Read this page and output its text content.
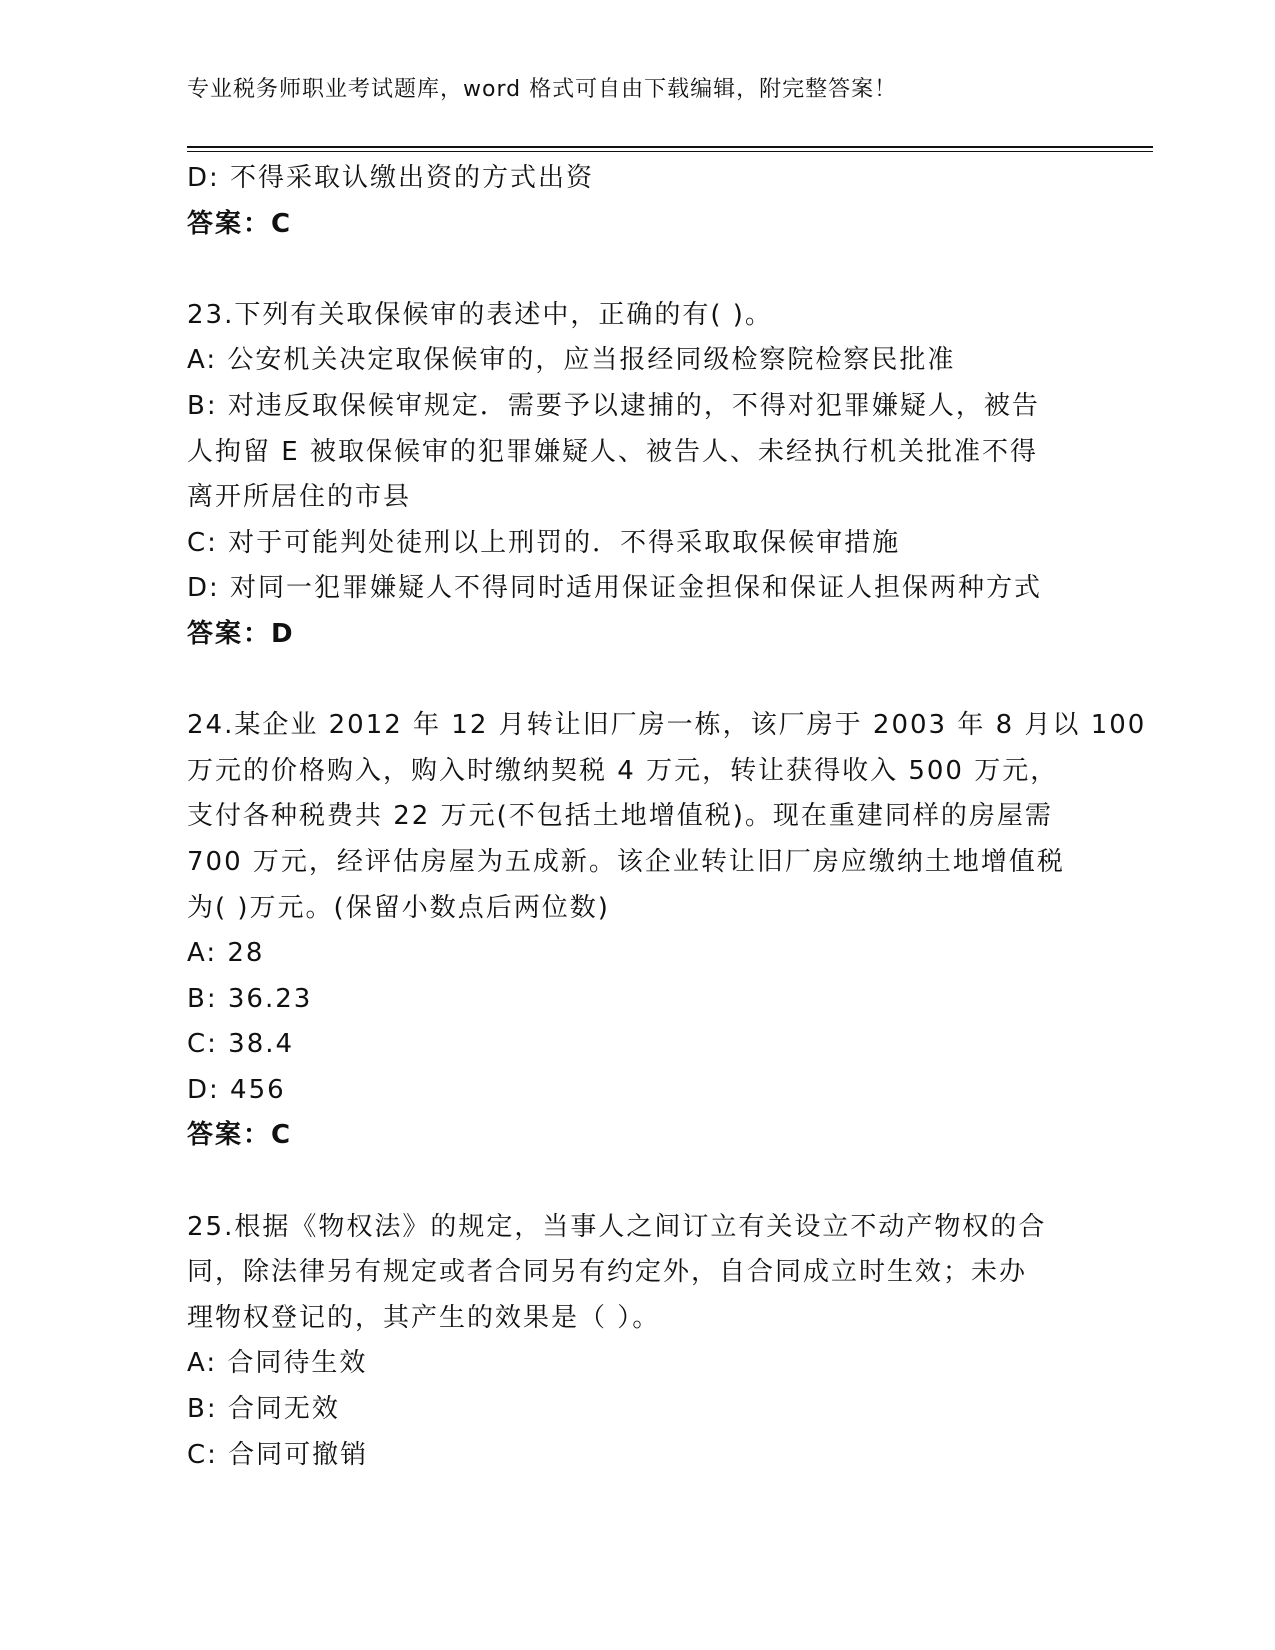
专业税务师职业考试题库，word 格式可自由下载编辑，附完整答案！
D: 不得采取认缴出资的方式出资
答案：C
23.下列有关取保候审的表述中，正确的有( )。
A: 公安机关决定取保候审的，应当报经同级检察院检察民批准
B: 对违反取保候审规定．需要予以逮捕的，不得对犯罪嫌疑人，被告
人拘留 E 被取保候审的犯罪嫌疑人、被告人、未经执行机关批准不得
离开所居住的市县
C: 对于可能判处徒刑以上刑罚的．不得采取取保候审措施
D: 对同一犯罪嫌疑人不得同时适用保证金担保和保证人担保两种方式
答案：D
24.某企业 2012 年 12 月转让旧厂房一栋，该厂房于 2003 年 8 月以 100
万元的价格购入，购入时缴纳契税 4 万元，转让获得收入 500 万元，
支付各种税费共 22 万元(不包括土地增值税)。现在重建同样的房屋需
700 万元，经评估房屋为五成新。该企业转让旧厂房应缴纳土地增值税
为( )万元。(保留小数点后两位数)
A: 28
B: 36.23
C: 38.4
D: 456
答案：C
25.根据《物权法》的规定，当事人之间订立有关设立不动产物权的合
同，除法律另有规定或者合同另有约定外，自合同成立时生效；未办
理物权登记的，其产生的效果是（ ）。
A: 合同待生效
B: 合同无效
C: 合同可撤销
